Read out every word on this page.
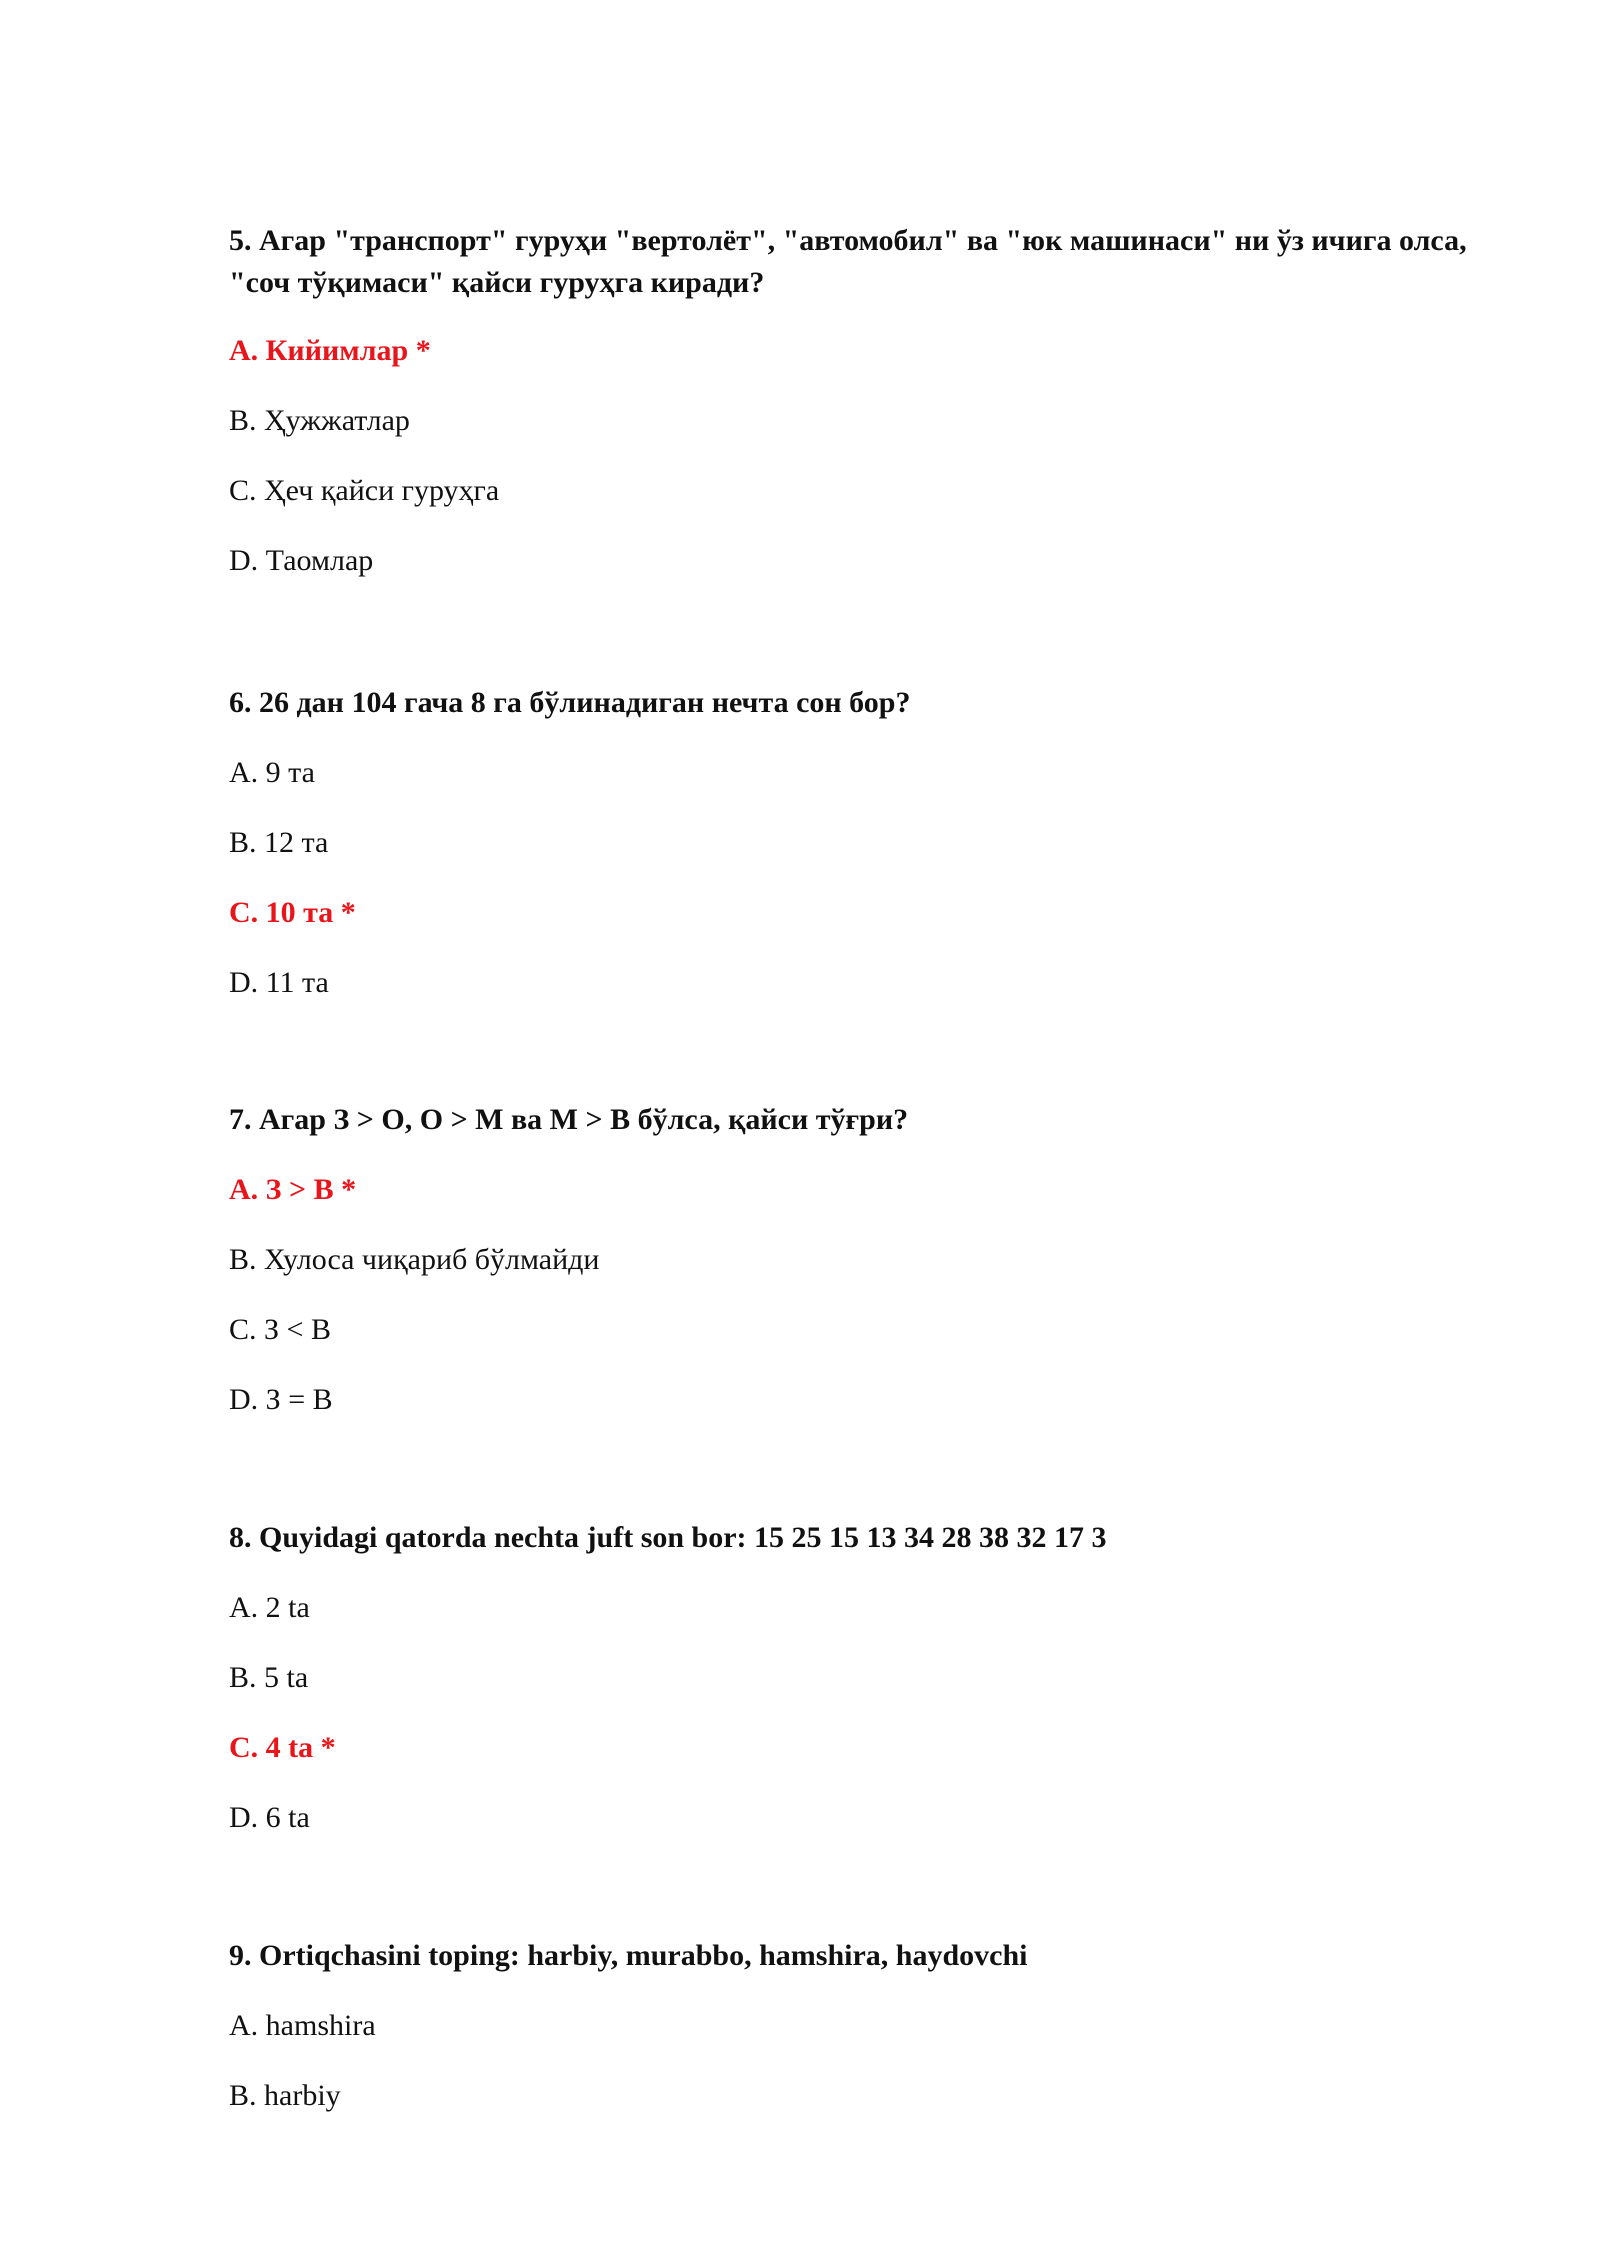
5. Агар "транспорт" гуруҳи "вертолёт", "автомобил" ва "юк машинаси" ни ўз ичига олса, "соч тўқимаси" қайси гуруҳга киради?

A. Кийимлар *

B. Ҳужжатлар

C. Ҳеч қайси гуруҳга

D. Таомлар

6. 26 дан 104 гача 8 га бўлинадиган нечта сон бор?

A. 9 та

B. 12 та

C. 10 та *

D. 11 та

7. Агар З > О, О > М ва М > В бўлса, қайси тўғри?

A. З > В *

B. Хулоса чиқариб бўлмайди

C. З < В

D. З = В

8. Quyidagi qatorda nechta juft son bor: 15 25 15 13 34 28 38 32 17 3

A. 2 ta

B. 5 ta

C. 4 ta *

D. 6 ta

9. Ortiqchasini toping: harbiy, murabbo, hamshira, haydovchi

A. hamshira

B. harbiy
